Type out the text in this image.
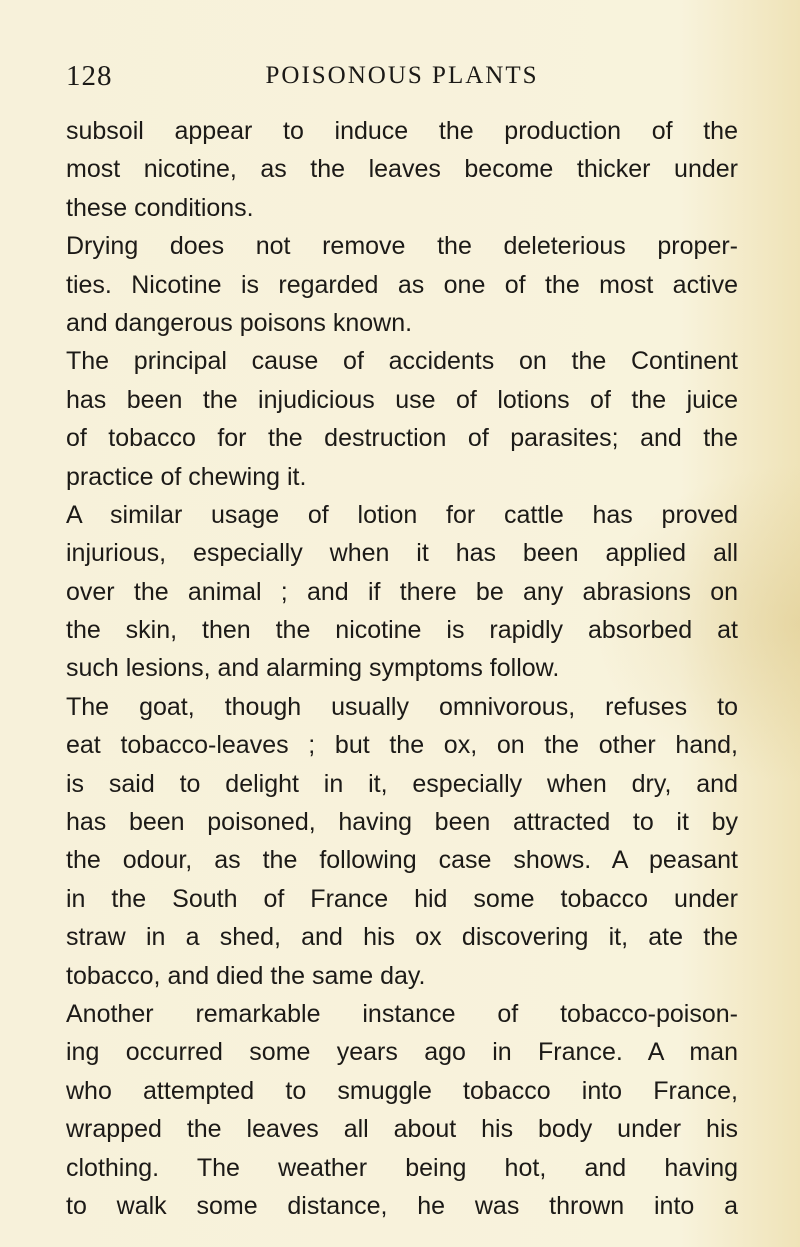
128	POISONOUS PLANTS
subsoil appear to induce the production of the
most nicotine, as the leaves become thicker under
these conditions.
Drying does not remove the deleterious proper-
ties. Nicotine is regarded as one of the most active
and dangerous poisons known.
The principal cause of accidents on the Continent
has been the injudicious use of lotions of the juice
of tobacco for the destruction of parasites; and the
practice of chewing it.
A similar usage of lotion for cattle has proved
injurious, especially when it has been applied all
over the animal ; and if there be any abrasions on
the skin, then the nicotine is rapidly absorbed at
such lesions, and alarming symptoms follow.
The goat, though usually omnivorous, refuses to
eat tobacco-leaves ; but the ox, on the other hand,
is said to delight in it, especially when dry, and
has been poisoned, having been attracted to it by
the odour, as the following case shows. A peasant
in the South of France hid some tobacco under
straw in a shed, and his ox discovering it, ate the
tobacco, and died the same day.
Another remarkable instance of tobacco-poison-
ing occurred some years ago in France. A man
who attempted to smuggle tobacco into France,
wrapped the leaves all about his body under his
clothing. The weather being hot, and having
to walk some distance, he was thrown into a
